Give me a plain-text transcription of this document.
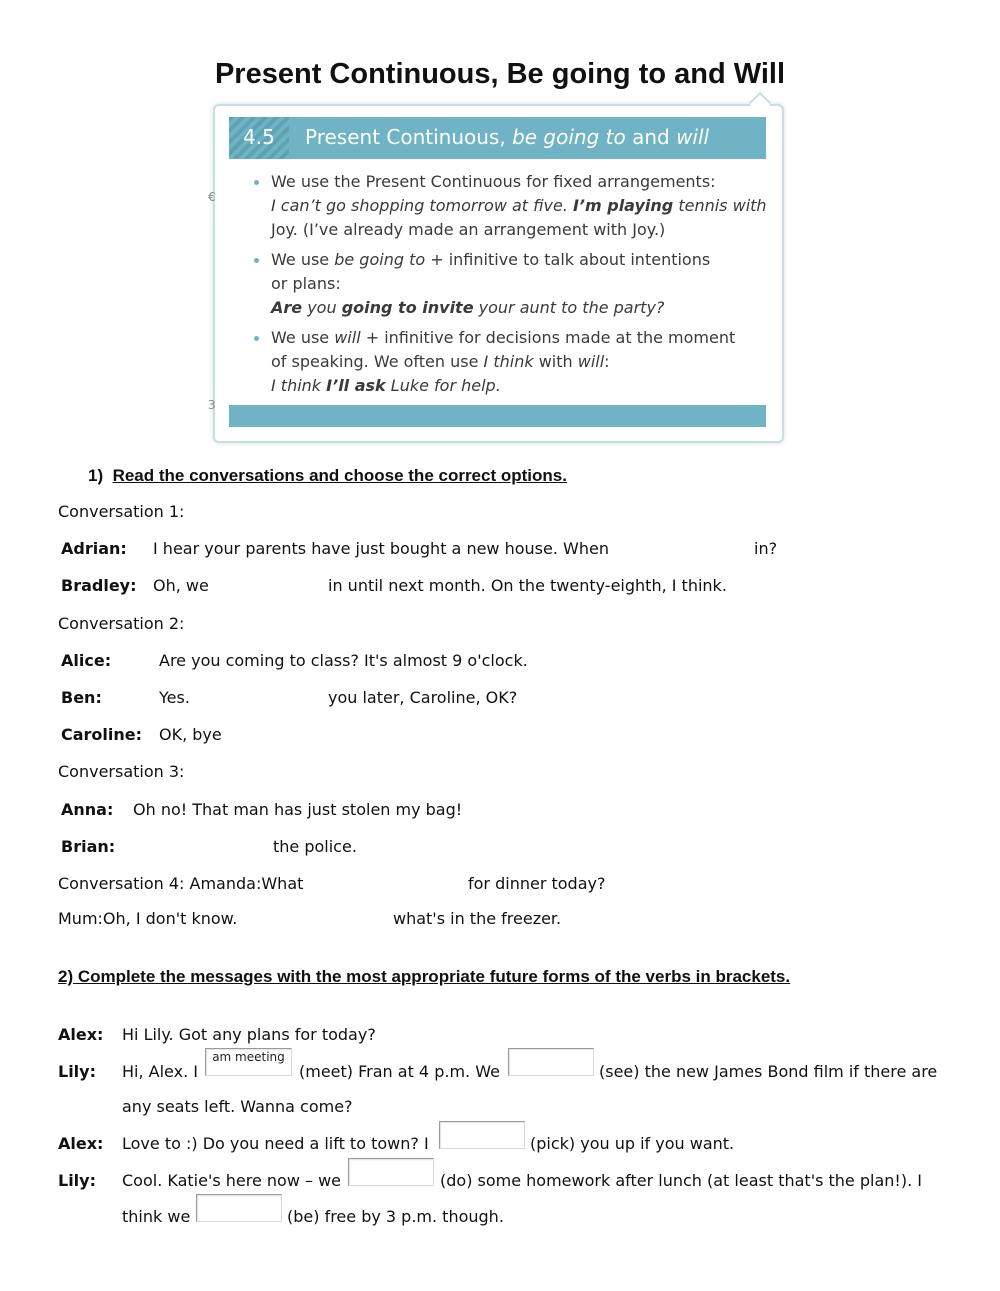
Present Continuous, Be going to and Will
4.5 Present Continuous, be going to and will
We use the Present Continuous for fixed arrangements:
I can’t go shopping tomorrow at five. I’m playing tennis with
Joy. (I’ve already made an arrangement with Joy.)
We use be going to + infinitive to talk about intentions
or plans:
Are you going to invite your aunt to the party?
We use will + infinitive for decisions made at the moment
of speaking. We often use I think with will:
I think I’ll ask Luke for help.
€
3
1) Read the conversations and choose the correct options.
Conversation 1:
Adrian: I hear your parents have just bought a new house. When	in?
Bradley: Oh, we	in until next month. On the twenty-eighth, I think.
Conversation 2:
Alice:	Are you coming to class? It's almost 9 o'clock.
Ben:	Yes.	you later, Caroline, OK?
Caroline: OK, bye
Conversation 3:
Anna: Oh no! That man has just stolen my bag!
Brian:	the police.
Conversation 4: Amanda:What	for dinner today?
Mum:Oh, I don't know.	what's in the freezer.
2) Complete the messages with the most appropriate future forms of the verbs in brackets.
Alex: Hi Lily. Got any plans for today?
Lily: Hi, Alex. I
am meeting
(meet) Fran at 4 p.m. We	(see) the new James Bond film if there are
any seats left. Wanna come?
Alex: Love to :) Do you need a lift to town? I	(pick) you up if you want.
Lily: Cool. Katie's here now – we	(do) some homework after lunch (at least that's the plan!). I
think we	(be) free by 3 p.m. though.
